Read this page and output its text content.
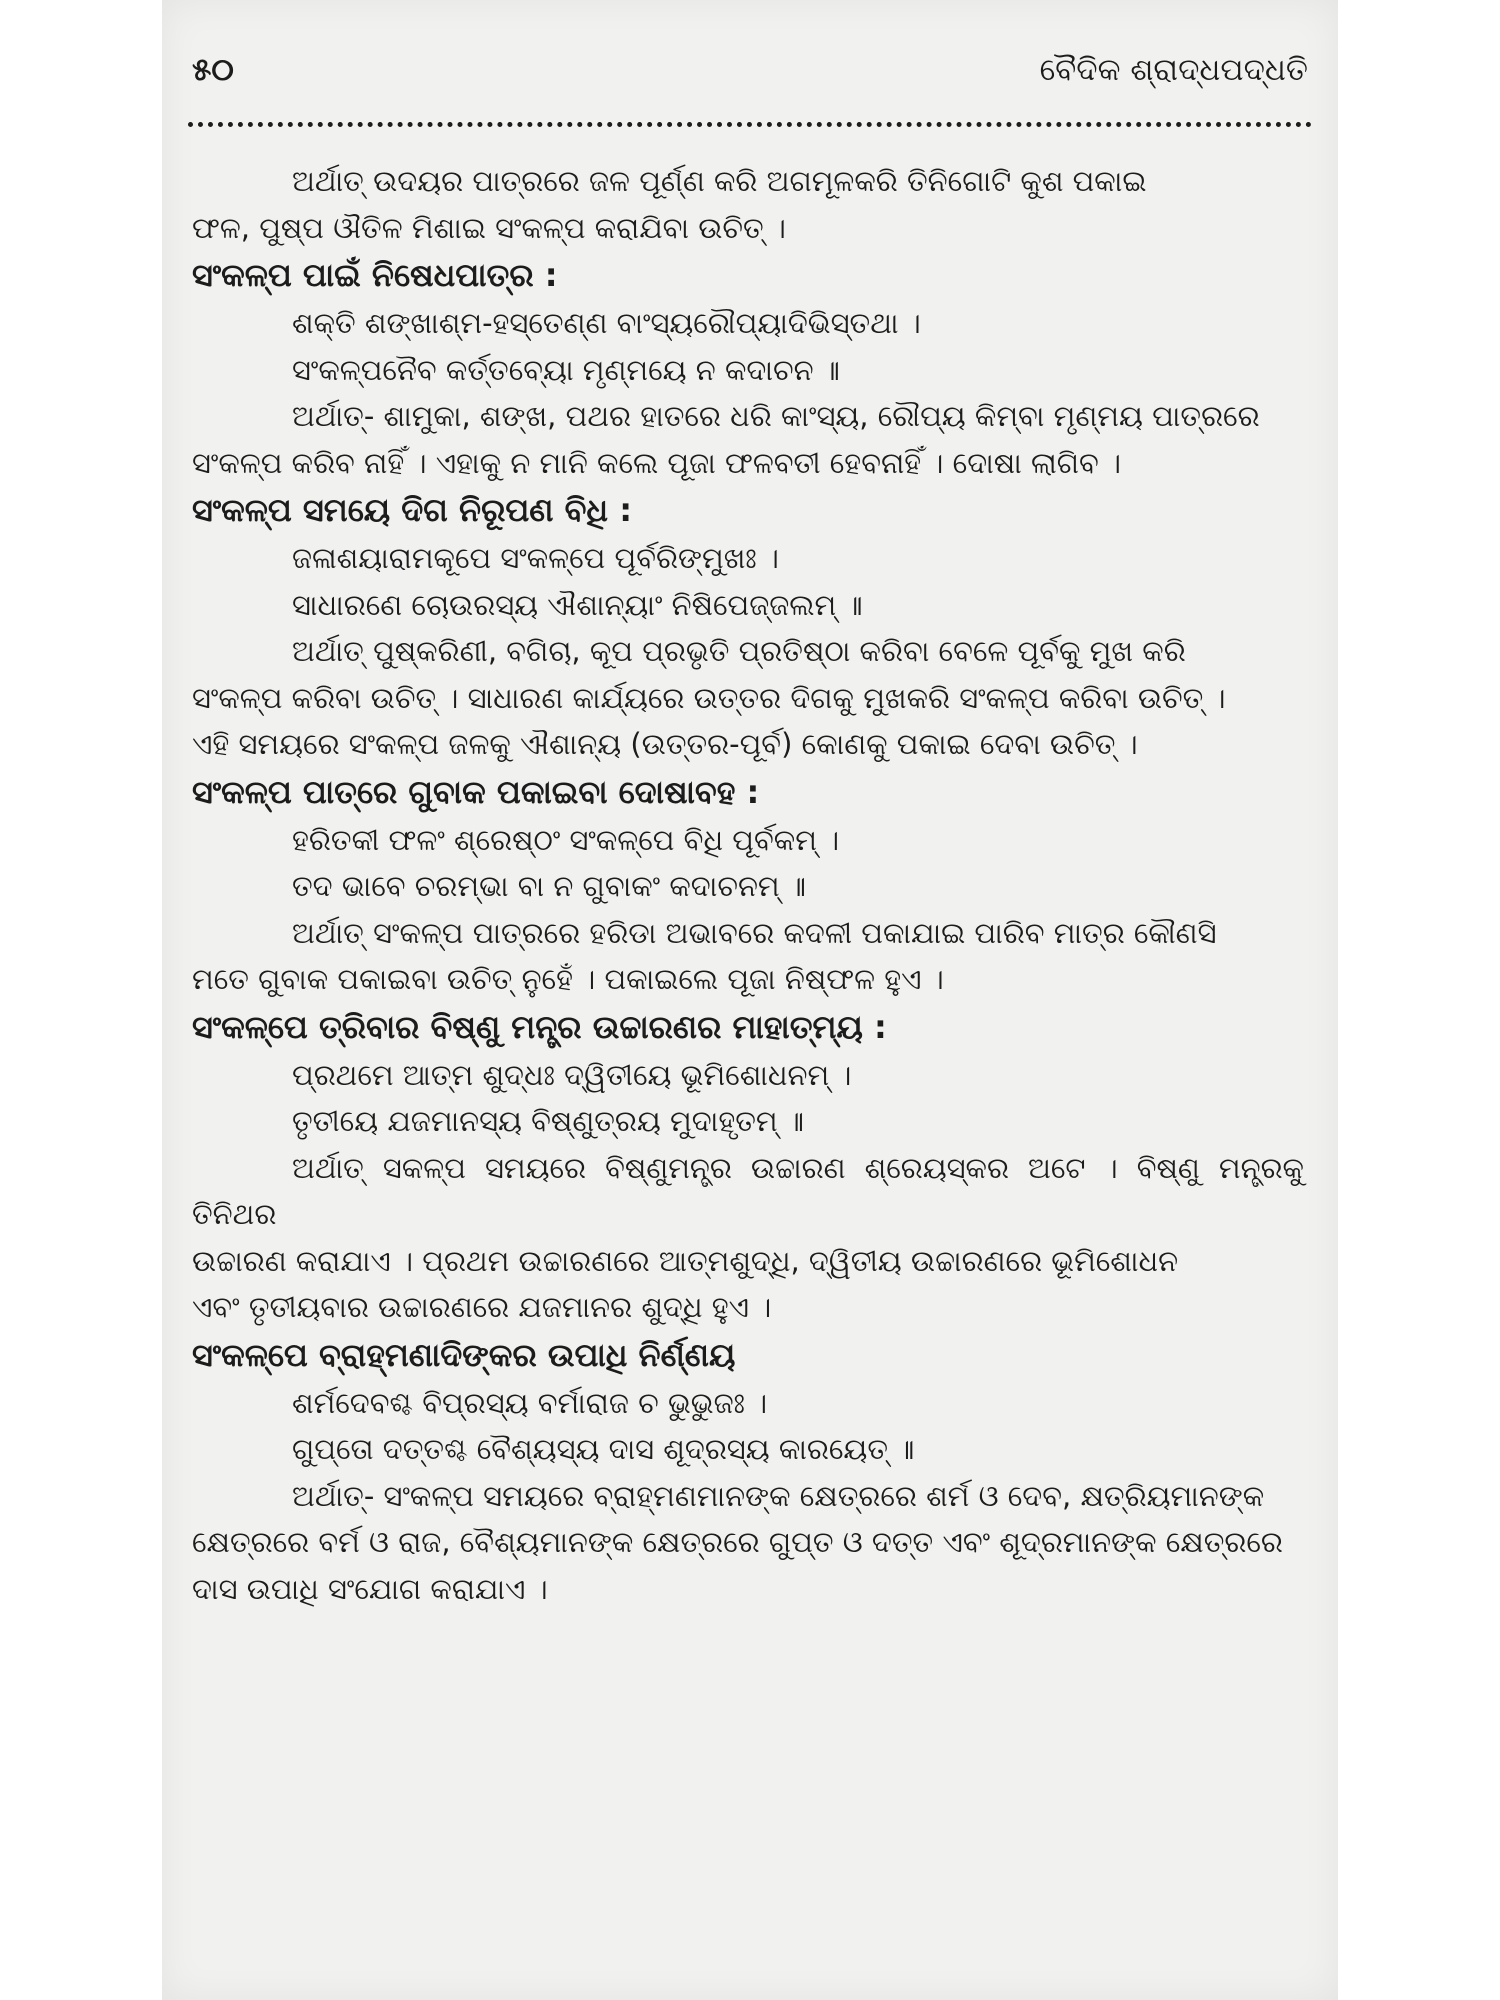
୫୦	ବୈଦିକ ଶ୍ରାଦ୍ଧପଦ୍ଧତି
ଅର୍ଥାତ୍ ଉଦୟର ପାତ୍ରରେ ଜଳ ପୂର୍ଣ୍ଣ କରି ଅଗମୂଳକରି ତିନିଗୋଟି କୁଶ ପକାଇ
ଫଳ, ପୁଷ୍ପ ଔତିଳ ମିଶାଇ ସଂକଳ୍ପ କରାଯିବା ଉଚିତ୍ ।
ସଂକଳ୍ପ ପାଇଁ ନିଷେଧପାତ୍ର :
ଶକ୍ତି ଶଙ୍ଖାଶ୍ମ-ହସ୍ତେଣ୍ଣ ବାଂସ୍ୟରୌପ୍ୟାଦିଭିସ୍ତଥା ।
ସଂକଳ୍ପନୈବ କର୍ତ୍ତବ୍ୟୋ ମୃଣ୍ମୟେ ନ କଦାଚନ ॥
ଅର୍ଥାତ୍- ଶାମୁକା, ଶଙ୍ଖ, ପଥର ହାତରେ ଧରି କାଂସ୍ୟ, ରୌପ୍ୟ କିମ୍ବା ମୃଣ୍ମୟ ପାତ୍ରରେ
ସଂକଳ୍ପ କରିବ ନାହିଁ । ଏହାକୁ ନ ମାନି କଲେ ପୂଜା ଫଳବତୀ ହେବନାହିଁ । ଦୋଷା ଲାଗିବ ।
ସଂକଳ୍ପ ସମୟେ ଦିଗ ନିରୂପଣ ବିଧି :
ଜଳାଶୟାରାମକୂପେ ସଂକଳ୍ପେ ପୂର୍ବରିଙ୍ମୁଖଃ ।
ସାଧାରଣେ ଚୋଉରସ୍ୟ ଐଶାନ୍ୟାଂ ନିଷିପେଜ୍ଜଲମ୍ ॥
ଅର୍ଥାତ୍ ପୁଷ୍କରିଣୀ, ବଗିଚା, କୂପ ପ୍ରଭୃତି ପ୍ରତିଷ୍ଠା କରିବା ବେଳେ ପୂର୍ବକୁ ମୁଖ କରି
ସଂକଳ୍ପ କରିବା ଉଚିତ୍ । ସାଧାରଣ କାର୍ଯ୍ୟରେ ଉତ୍ତର ଦିଗକୁ ମୁଖକରି ସଂକଳ୍ପ କରିବା ଉଚିତ୍ ।
ଏହି ସମୟରେ ସଂକଳ୍ପ ଜଳକୁ ଐଶାନ୍ୟ (ଉତ୍ତର-ପୂର୍ବ) କୋଣକୁ ପକାଇ ଦେବା ଉଚିତ୍ ।
ସଂକଳ୍ପ ପାତ୍ରେ ଗୁବାକ ପକାଇବା ଦୋଷାବହ :
ହରିତକୀ ଫଳଂ ଶ୍ରେଷ୍ଠଂ ସଂକଳ୍ପେ ବିଧି ପୂର୍ବକମ୍ ।
ତଦ ଭାବେ ଚରମ୍ଭା ବା ନ ଗୁବାକଂ କଦାଚନମ୍ ॥
ଅର୍ଥାତ୍ ସଂକଳ୍ପ ପାତ୍ରରେ ହରିଡା ଅଭାବରେ କଦଳୀ ପକାଯାଇ ପାରିବ ମାତ୍ର କୌଣସି
ମତେ ଗୁବାକ ପକାଇବା ଉଚିତ୍ ନୁହେଁ । ପକାଇଲେ ପୂଜା ନିଷ୍ଫଳ ହୁଏ ।
ସଂକଳ୍ପେ ତ୍ରିବାର ବିଷ୍ଣୁ ମନ୍ତ୍ର ଉଚ୍ଚାରଣର ମାହାତ୍ମ୍ୟ :
ପ୍ରଥମେ ଆତ୍ମ ଶୁଦ୍ଧଃ ଦ୍ୱିତୀୟେ ଭୂମିଶୋଧନମ୍ ।
ତୃତୀୟେ ଯଜମାନସ୍ୟ ବିଷ୍ଣୁତ୍ରୟ ମୁଦାହୃତମ୍ ॥
ଅର୍ଥାତ୍ ସକଳ୍ପ ସମୟରେ ବିଷ୍ଣୁମନ୍ତ୍ର ଉଚ୍ଚାରଣ ଶ୍ରେୟସ୍କର ଅଟେ । ବିଷ୍ଣୁ ମନ୍ତ୍ରକୁ ତିନିଥର
ଉଚ୍ଚାରଣ କରାଯାଏ । ପ୍ରଥମ ଉଚ୍ଚାରଣରେ ଆତ୍ମଶୁଦ୍ଧି, ଦ୍ୱିତୀୟ ଉଚ୍ଚାରଣରେ ଭୂମିଶୋଧନ
ଏବଂ ତୃତୀୟବାର ଉଚ୍ଚାରଣରେ ଯଜମାନର ଶୁଦ୍ଧି ହୁଏ ।
ସଂକଳ୍ପେ ବ୍ରାହ୍ମଣାଦିଙ୍କର ଉପାଧି ନିର୍ଣ୍ଣୟ
ଶର୍ମଦେବଶ୍ଚ ବିପ୍ରସ୍ୟ ବର୍ମାରାଜ ଚ ଭୁଭୁଜଃ ।
ଗୁପ୍ତୋ ଦତ୍ତଶ୍ଚ ବୈଶ୍ୟସ୍ୟ ଦାସ ଶୂଦ୍ରସ୍ୟ କାରୟେତ୍ ॥
ଅର୍ଥାତ୍- ସଂକଳ୍ପ ସମୟରେ ବ୍ରାହ୍ମଣମାନଙ୍କ କ୍ଷେତ୍ରରେ ଶର୍ମ ଓ ଦେବ, କ୍ଷତ୍ରିୟମାନଙ୍କ
କ୍ଷେତ୍ରରେ ବର୍ମ ଓ ରାଜ, ବୈଶ୍ୟମାନଙ୍କ କ୍ଷେତ୍ରରେ ଗୁପ୍ତ ଓ ଦତ୍ତ ଏବଂ ଶୂଦ୍ରମାନଙ୍କ କ୍ଷେତ୍ରରେ
ଦାସ ଉପାଧି ସଂଯୋଗ କରାଯାଏ ।
